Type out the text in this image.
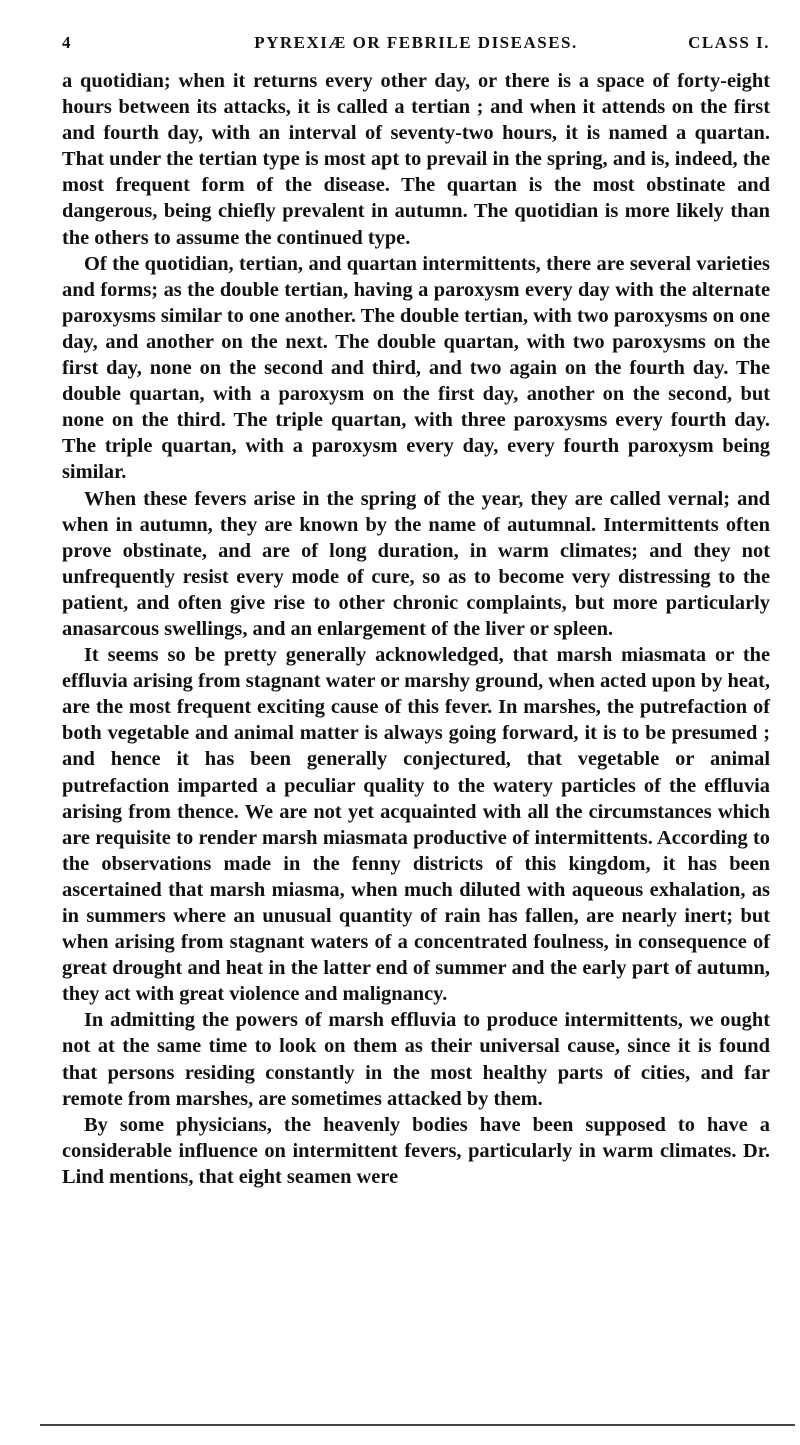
4	PYREXIÆ OR FEBRILE DISEASES.	CLASS I.

a quotidian; when it returns every other day, or there is a space of forty-eight hours between its attacks, it is called a tertian ; and when it attends on the first and fourth day, with an interval of seventy-two hours, it is named a quartan. That under the tertian type is most apt to prevail in the spring, and is, indeed, the most frequent form of the disease. The quartan is the most obstinate and dangerous, being chiefly prevalent in autumn. The quotidian is more likely than the others to assume the continued type.

Of the quotidian, tertian, and quartan intermittents, there are several varieties and forms; as the double tertian, having a paroxysm every day with the alternate paroxysms similar to one another. The double tertian, with two paroxysms on one day, and another on the next. The double quartan, with two paroxysms on the first day, none on the second and third, and two again on the fourth day. The double quartan, with a paroxysm on the first day, another on the second, but none on the third. The triple quartan, with three paroxysms every fourth day. The triple quartan, with a paroxysm every day, every fourth paroxysm being similar.

When these fevers arise in the spring of the year, they are called vernal; and when in autumn, they are known by the name of autumnal. Intermittents often prove obstinate, and are of long duration, in warm climates; and they not unfrequently resist every mode of cure, so as to become very distressing to the patient, and often give rise to other chronic complaints, but more particularly anasarcous swellings, and an enlargement of the liver or spleen.

It seems so be pretty generally acknowledged, that marsh miasmata or the effluvia arising from stagnant water or marshy ground, when acted upon by heat, are the most frequent exciting cause of this fever. In marshes, the putrefaction of both vegetable and animal matter is always going forward, it is to be presumed ; and hence it has been generally conjectured, that vegetable or animal putrefaction imparted a peculiar quality to the watery particles of the effluvia arising from thence. We are not yet acquainted with all the circumstances which are requisite to render marsh miasmata productive of intermittents. According to the observations made in the fenny districts of this kingdom, it has been ascertained that marsh miasma, when much diluted with aqueous exhalation, as in summers where an unusual quantity of rain has fallen, are nearly inert; but when arising from stagnant waters of a concentrated foulness, in consequence of great drought and heat in the latter end of summer and the early part of autumn, they act with great violence and malignancy.

In admitting the powers of marsh effluvia to produce intermittents, we ought not at the same time to look on them as their universal cause, since it is found that persons residing constantly in the most healthy parts of cities, and far remote from marshes, are sometimes attacked by them.

By some physicians, the heavenly bodies have been supposed to have a considerable influence on intermittent fevers, particularly in warm climates. Dr. Lind mentions, that eight seamen were
